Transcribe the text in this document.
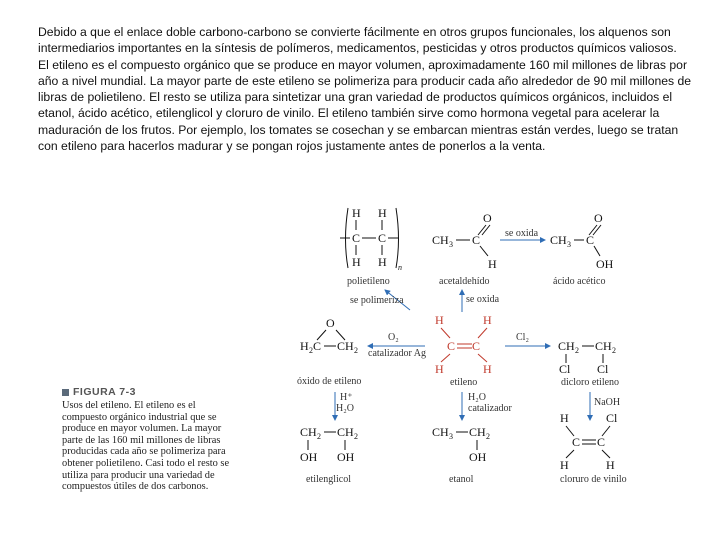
Debido a que el enlace doble carbono-carbono se convierte fácilmente en otros grupos funcionales, los alquenos son intermediarios importantes en la síntesis de polímeros, medicamentos, pesticidas y otros productos químicos valiosos.

El etileno es el compuesto orgánico que se produce en mayor volumen, aproximadamente 160 mil millones de libras por año a nivel mundial. La mayor parte de este etileno se polimeriza para producir cada año alrededor de 90 mil millones de libras de polietileno. El resto se utiliza para sintetizar una gran variedad de productos químicos orgánicos, incluidos el etanol, ácido acético, etilenglicol y cloruro de vinilo. El etileno también sirve como hormona vegetal para acelerar la maduración de los frutos. Por ejemplo, los tomates se cosechan y se embarcan mientras están verdes, luego se tratan con etileno para hacerlos madurar y se pongan rojos justamente antes de ponerlos a la venta.

H H
C C
H H n
polietileno
O
CH 3 C
H
acetaldehído
se oxida
O
CH 3 C
OH
ácido acético
se polimeriza	se oxida
O
H 2 C CH 2
óxido de etileno
O₂
catalizador Ag
H	H
C C
H	H
etileno
Cl₂
CH 2 CH 2
Cl Cl
dicloro etileno
H⁺
H₂O
H₂O
catalizador
NaOH
CH 2 CH 2
OH OH
etilenglicol
CH 3 CH 2
OH
etanol
H	Cl
C C
H	H
cloruro de vinilo
FIGURA 7-3
Usos del etileno. El etileno es el compuesto orgánico industrial que se produce en mayor volumen. La mayor parte de las 160 mil millones de libras producidas cada año se polimeriza para obtener polietileno. Casi todo el resto se utiliza para producir una variedad de compuestos útiles de dos carbonos.
